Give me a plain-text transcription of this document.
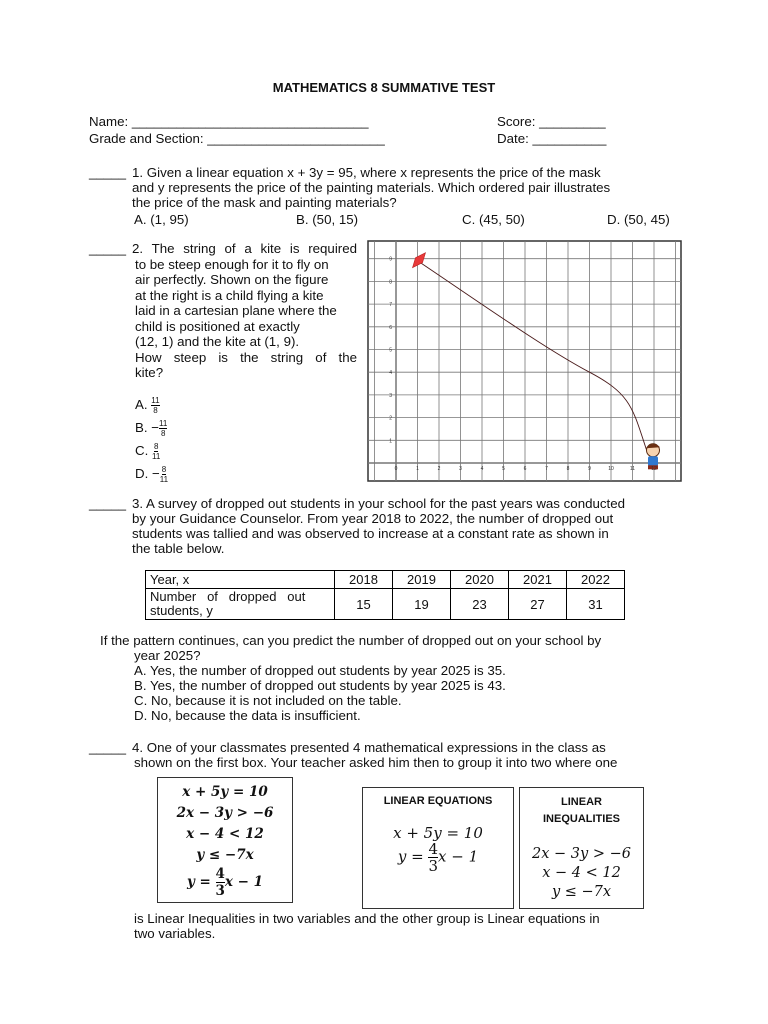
MATHEMATICS 8 SUMMATIVE TEST
Name: ________________________________
Grade and Section: ________________________
Score: _________
Date: __________
_____ 1. Given a linear equation x + 3y = 95, where x represents the price of the mask
and y represents the price of the painting materials. Which ordered pair illustrates
the price of the mask and painting materials?
A. (1, 95)	B. (50, 15)	C. (45, 50)	D. (50, 45)
_____ 2. The string of a kite is required
to be steep enough for it to fly on
air perfectly. Shown on the figure
at the right is a child flying a kite
laid in a cartesian plane where the
child is positioned at exactly
(12, 1) and the kite at (1, 9).
How steep is the string of the
kite?
A. $\frac{11}{8}$
B. − $\frac{11}{8}$
C. $\frac{8}{11}$
D. − $\frac{8}{11}$	0	1	2	3	4	5	6	7	8	9	10	11	12
1
2
3
4
5
6
7
8
9
_____ 3. A survey of dropped out students in your school for the past years was conducted
by your Guidance Counselor. From year 2018 to 2022, the number of dropped out
students was tallied and was observed to increase at a constant rate as shown in
the table below.
Year, x	2018	2019	2020	2021	2022

Number   of   dropped   out
students, y	15	19	23	27	31
If the pattern continues, can you predict the number of dropped out on your school by
year 2025?
A. Yes, the number of dropped out students by year 2025 is 35.
B. Yes, the number of dropped out students by year 2025 is 43.
C. No, because it is not included on the table.
D. No, because the data is insufficient.
_____ 4. One of your classmates presented 4 mathematical expressions in the class as
shown on the first box. Your teacher asked him then to group it into two where one
x + 5y = 10
2x − 3y > −6
x − 4 < 12
y ≤ −7x
$y = \frac{4}{3}$ x − 1
LINEAR EQUATIONS
x + 5y = 10
$y = \frac{4}{3}$ x − 1
LINEAR
INEQUALITIES
2x − 3y > −6
x − 4 < 12
y ≤ −7x
is Linear Inequalities in two variables and the other group is Linear equations in
two variables.
